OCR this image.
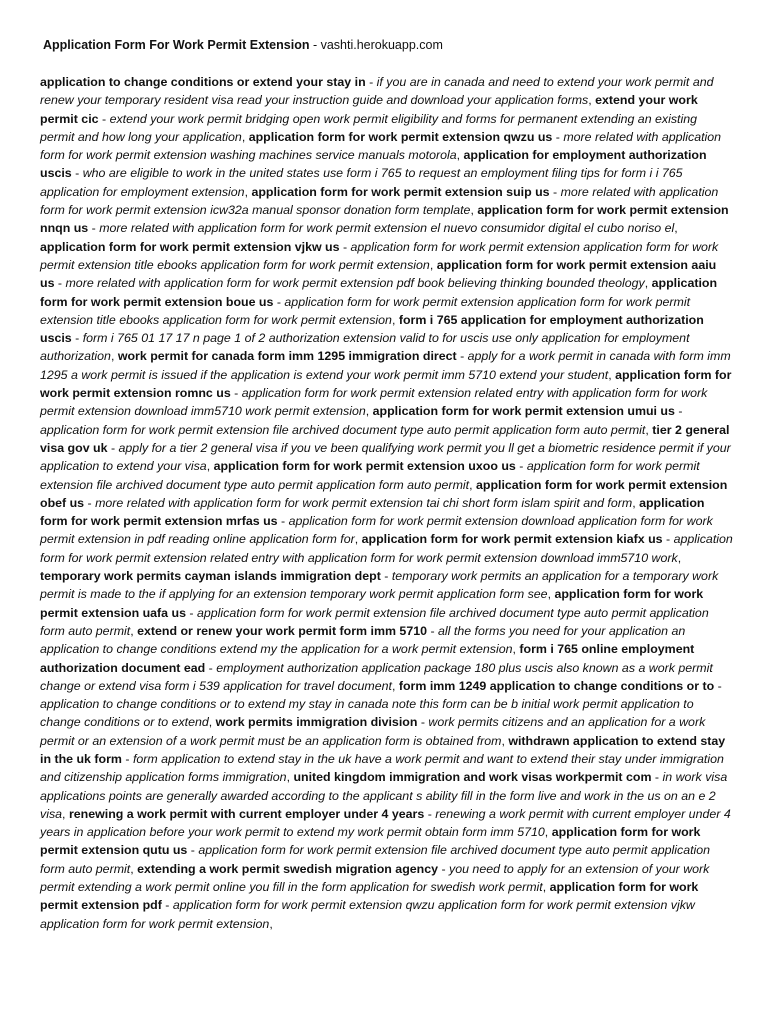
Application Form For Work Permit Extension - vashti.herokuapp.com

application to change conditions or extend your stay in - if you are in canada and need to extend your work permit and renew your temporary resident visa read your instruction guide and download your application forms, extend your work permit cic - extend your work permit bridging open work permit eligibility and forms for permanent extending an existing permit and how long your application, application form for work permit extension qwzu us - more related with application form for work permit extension washing machines service manuals motorola, application for employment authorization uscis - who are eligible to work in the united states use form i 765 to request an employment filing tips for form i i 765 application for employment extension, application form for work permit extension suip us - more related with application form for work permit extension icw32a manual sponsor donation form template, application form for work permit extension nnqn us - more related with application form for work permit extension el nuevo consumidor digital el cubo noriso el, application form for work permit extension vjkw us - application form for work permit extension application form for work permit extension title ebooks application form for work permit extension, application form for work permit extension aaiu us - more related with application form for work permit extension pdf book believing thinking bounded theology, application form for work permit extension boue us - application form for work permit extension application form for work permit extension title ebooks application form for work permit extension, form i 765 application for employment authorization uscis - form i 765 01 17 17 n page 1 of 2 authorization extension valid to for uscis use only application for employment authorization, work permit for canada form imm 1295 immigration direct - apply for a work permit in canada with form imm 1295 a work permit is issued if the application is extend your work permit imm 5710 extend your student, application form for work permit extension romnc us - application form for work permit extension related entry with application form for work permit extension download imm5710 work permit extension, application form for work permit extension umui us - application form for work permit extension file archived document type auto permit application form auto permit, tier 2 general visa gov uk - apply for a tier 2 general visa if you ve been qualifying work permit you ll get a biometric residence permit if your application to extend your visa, application form for work permit extension uxoo us - application form for work permit extension file archived document type auto permit application form auto permit, application form for work permit extension obef us - more related with application form for work permit extension tai chi short form islam spirit and form, application form for work permit extension mrfas us - application form for work permit extension download application form for work permit extension in pdf reading online application form for, application form for work permit extension kiafx us - application form for work permit extension related entry with application form for work permit extension download imm5710 work, temporary work permits cayman islands immigration dept - temporary work permits an application for a temporary work permit is made to the if applying for an extension temporary work permit application form see, application form for work permit extension uafa us - application form for work permit extension file archived document type auto permit application form auto permit, extend or renew your work permit form imm 5710 - all the forms you need for your application an application to change conditions extend my the application for a work permit extension, form i 765 online employment authorization document ead - employment authorization application package 180 plus uscis also known as a work permit change or extend visa form i 539 application for travel document, form imm 1249 application to change conditions or to - application to change conditions or to extend my stay in canada note this form can be b initial work permit application to change conditions or to extend, work permits immigration division - work permits citizens and an application for a work permit or an extension of a work permit must be an application form is obtained from, withdrawn application to extend stay in the uk form - form application to extend stay in the uk have a work permit and want to extend their stay under immigration and citizenship application forms immigration, united kingdom immigration and work visas workpermit com - in work visa applications points are generally awarded according to the applicant s ability fill in the form live and work in the us on an e 2 visa, renewing a work permit with current employer under 4 years - renewing a work permit with current employer under 4 years in application before your work permit to extend my work permit obtain form imm 5710, application form for work permit extension qutu us - application form for work permit extension file archived document type auto permit application form auto permit, extending a work permit swedish migration agency - you need to apply for an extension of your work permit extending a work permit online you fill in the form application for swedish work permit, application form for work permit extension pdf - application form for work permit extension qwzu application form for work permit extension vjkw application form for work permit extension,
